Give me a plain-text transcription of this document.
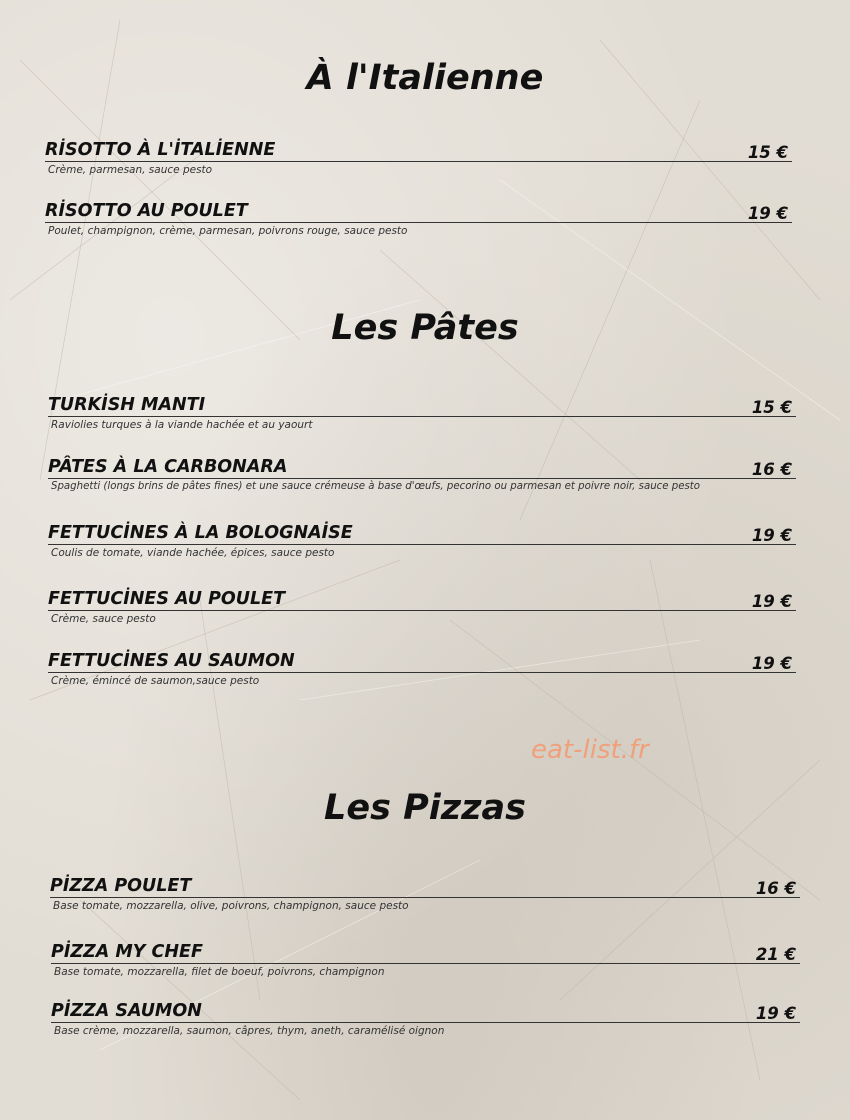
À l'Italienne
RİSOTTO À L'İTALİENNE	15 €
Crème, parmesan, sauce pesto
RİSOTTO AU POULET	19 €
Poulet, champignon, crème, parmesan, poivrons rouge, sauce pesto
Les Pâtes
TURKİSH MANTI	15 €
Raviolies turques à la viande hachée et au yaourt
PÂTES À LA CARBONARA	16 €
Spaghetti (longs brins de pâtes fines) et une sauce crémeuse à base d'œufs, pecorino ou parmesan et poivre noir, sauce pesto
FETTUCİNES À LA BOLOGNAİSE	19 €
Coulis de tomate, viande hachée, épices, sauce pesto
FETTUCİNES AU POULET	19 €
Crème, sauce pesto
FETTUCİNES AU SAUMON	19 €
Crème, émincé de saumon,sauce pesto
eat-list.fr
Les Pizzas
PİZZA POULET	16 €
Base tomate, mozzarella, olive, poivrons, champignon, sauce pesto
PİZZA MY CHEF	21 €
Base tomate, mozzarella, filet de boeuf, poivrons, champignon
PİZZA SAUMON	19 €
Base crème, mozzarella, saumon, câpres, thym, aneth, caramélisé oignon
